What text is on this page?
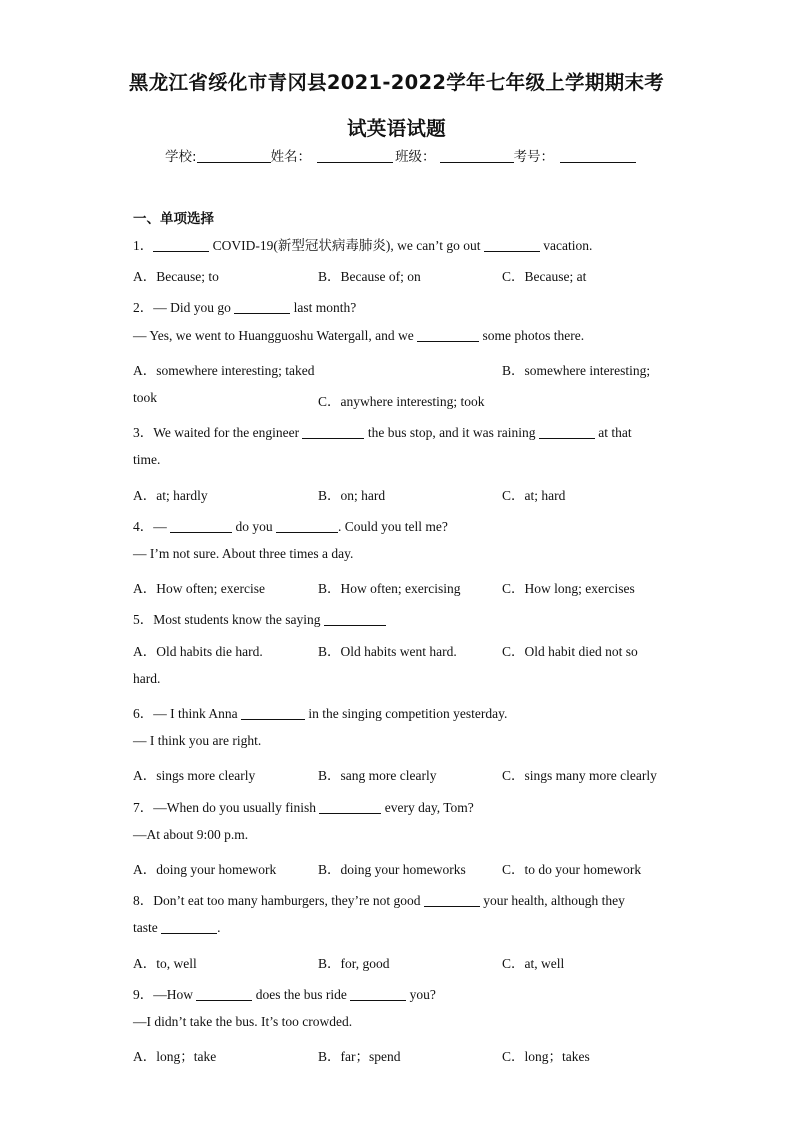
黑龙江省绥化市青冈县2021-2022学年七年级上学期期末考
试英语试题
学校:	姓名：	班级：	考号：
一、单项选择
1．	COVID-19(新型冠状病毒肺炎), we can’t go out	vacation.
A．Because; to	B．Because of; on	C．Because; at
2．— Did you go	last month?
— Yes, we went to Huangguoshu Watergall, and we	some photos there.
A．somewhere interesting; taked	B．somewhere interesting;
took	C．anywhere interesting; took
3．We waited for the engineer	the bus stop, and it was raining	at that
time.
A．at; hardly	B．on; hard	C．at; hard
4．—	do you	. Could you tell me?
— I’m not sure. About three times a day.
A．How often; exercise	B．How often; exercising	C．How long; exercises
5．Most students know the saying
A．Old habits die hard.	B．Old habits went hard.	C．Old habit died not so
hard.
6．— I think Anna	in the singing competition yesterday.
— I think you are right.
A．sings more clearly	B．sang more clearly	C．sings many more clearly
7．—When do you usually finish	every day, Tom?
—At about 9:00 p.m.
A．doing your homework	B．doing your homeworks	C．to do your homework
8．Don’t eat too many hamburgers, they’re not good	your health, although they
taste	.
A．to, well	B．for, good	C．at, well
9．—How	does the bus ride	you?
—I didn’t take the bus. It’s too crowded.
A．long；take	B．far；spend	C．long；takes
